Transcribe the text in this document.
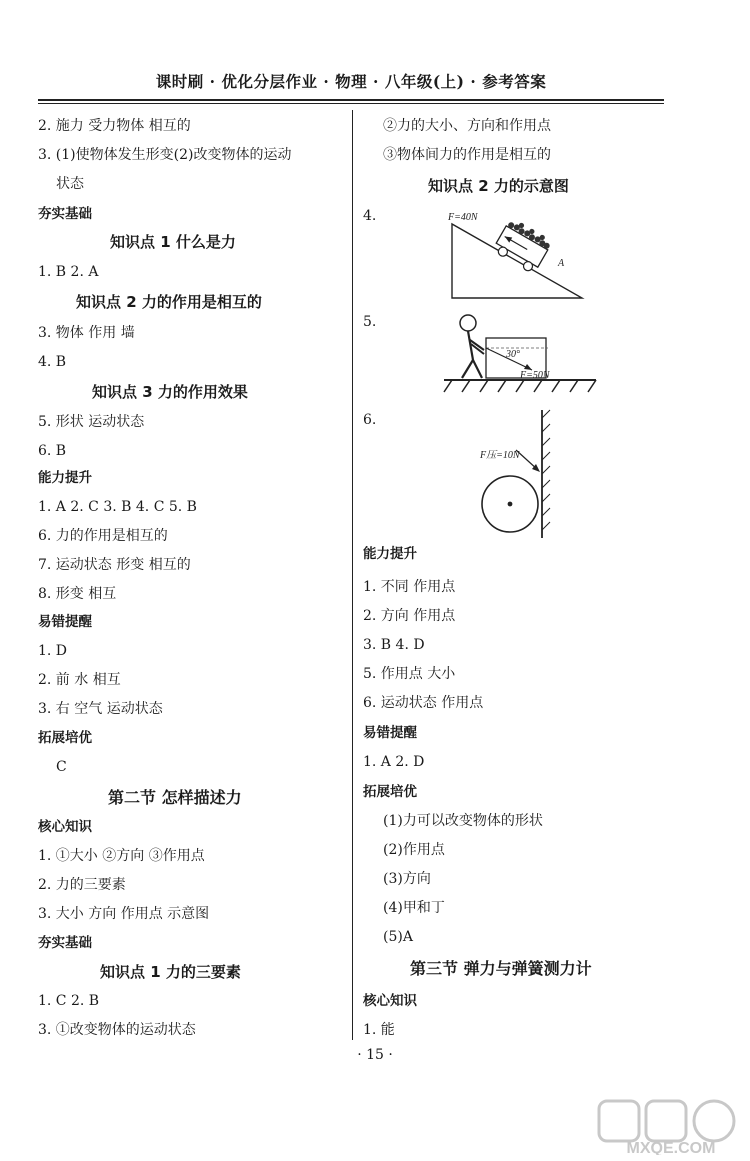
课时刷 · 优化分层作业 · 物理 · 八年级(上) · 参考答案
2. 施力 受力物体 相互的
3. (1)使物体发生形变(2)改变物体的运动
状态
夯实基础
知识点 1 什么是力
1. B 2. A
知识点 2 力的作用是相互的
3. 物体 作用 墙
4. B
知识点 3 力的作用效果
5. 形状 运动状态
6. B
能力提升
1. A 2. C 3. B 4. C 5. B
6. 力的作用是相互的
7. 运动状态 形变 相互的
8. 形变 相互
易错提醒
1. D
2. 前 水 相互
3. 右 空气 运动状态
拓展培优
C
第二节 怎样描述力
核心知识
1. ①大小 ②方向 ③作用点
2. 力的三要素
3. 大小 方向 作用点 示意图
夯实基础
知识点 1 力的三要素
1. C 2. B
3. ①改变物体的运动状态
②力的大小、方向和作用点
③物体间力的作用是相互的
知识点 2 力的示意图
4.	F=40N
A
5.
30°
F=50N
6.
F压=10N
能力提升
1. 不同 作用点
2. 方向 作用点
3. B 4. D
5. 作用点 大小
6. 运动状态 作用点
易错提醒
1. A 2. D
拓展培优
(1)力可以改变物体的形状
(2)作用点
(3)方向
(4)甲和丁
(5)A
第三节 弹力与弹簧测力计
核心知识
1. 能
· 15 ·
MXQE.COM
